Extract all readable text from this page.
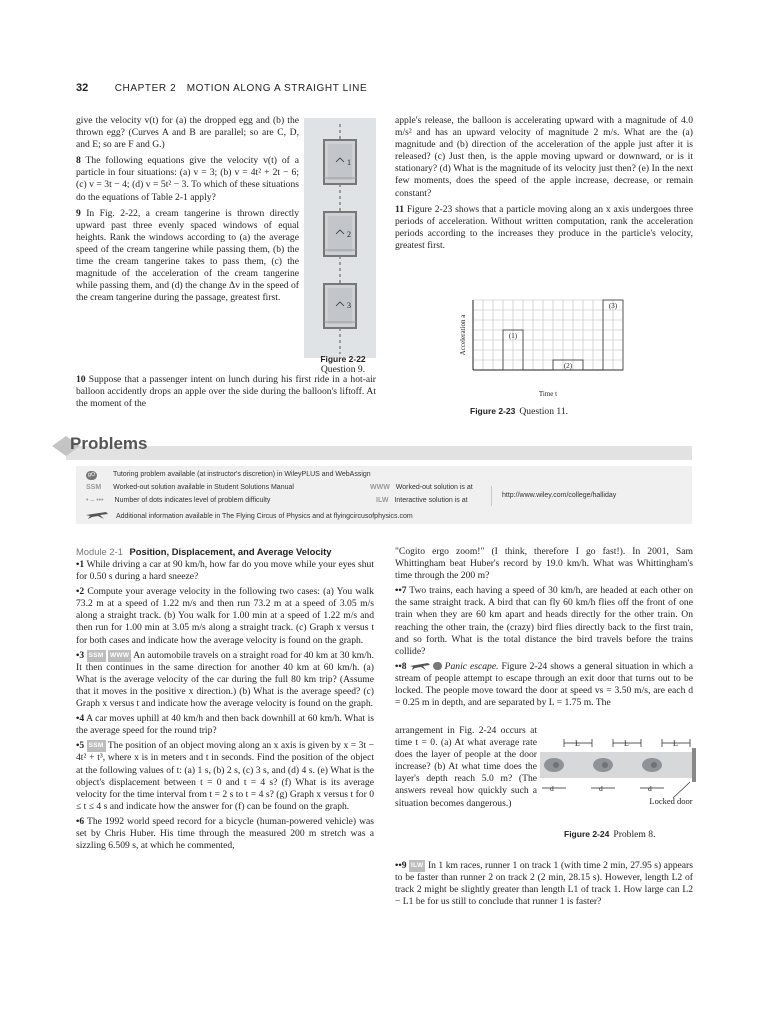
32	CHAPTER 2 MOTION ALONG A STRAIGHT LINE

give the velocity v(t) for (a) the dropped egg and (b) the thrown egg? (Curves A and B are parallel; so are C, D, and E; so are F and G.)

8 The following equations give the velocity v(t) of a particle in four situations: (a) v = 3; (b) v = 4t² + 2t − 6; (c) v = 3t − 4; (d) v = 5t² − 3. To which of these situations do the equations of Table 2-1 apply?

9 In Fig. 2-22, a cream tangerine is thrown directly upward past three evenly spaced windows of equal heights. Rank the windows according to (a) the average speed of the cream tangerine while passing them, (b) the time the cream tangerine takes to pass them, (c) the magnitude of the acceleration of the cream tangerine while passing them, and (d) the change Δv in the speed of the cream tangerine during the passage, greatest first.

10 Suppose that a passenger intent on lunch during his first ride in a hot-air balloon accidently drops an apple over the side during the balloon's liftoff. At the moment of the

1
2
3
Figure 2-22
Question 9.

apple's release, the balloon is accelerating upward with a magnitude of 4.0 m/s² and has an upward velocity of magnitude 2 m/s. What are the (a) magnitude and (b) direction of the acceleration of the apple just after it is released? (c) Just then, is the apple moving upward or downward, or is it stationary? (d) What is the magnitude of its velocity just then? (e) In the next few moments, does the speed of the apple increase, decrease, or remain constant?

11 Figure 2-23 shows that a particle moving along an x axis undergoes three periods of acceleration. Without written computation, rank the acceleration periods according to the increases they produce in the particle's velocity, greatest first.

(1)
(2)
(3)
Acceleration a
Time t
Figure 2-23 Question 11.
Problems
gO	Tutoring problem available (at instructor's discretion) in WileyPLUS and WebAssign
SSM Worked-out solution available in Student Solutions Manual
• – ••• Number of dots indicates level of problem difficulty
Additional information available in The Flying Circus of Physics and at flyingcircusofphysics.com
WWW Worked-out solution is at
ILW Interactive solution is at
http://www.wiley.com/college/halliday
Module 2-1 Position, Displacement, and Average Velocity

•1 While driving a car at 90 km/h, how far do you move while your eyes shut for 0.50 s during a hard sneeze?

•2 Compute your average velocity in the following two cases: (a) You walk 73.2 m at a speed of 1.22 m/s and then run 73.2 m at a speed of 3.05 m/s along a straight track. (b) You walk for 1.00 min at a speed of 1.22 m/s and then run for 1.00 min at 3.05 m/s along a straight track. (c) Graph x versus t for both cases and indicate how the average velocity is found on the graph.

•3 SSM WWW An automobile travels on a straight road for 40 km at 30 km/h. It then continues in the same direction for another 40 km at 60 km/h. (a) What is the average velocity of the car during the full 80 km trip? (Assume that it moves in the positive x direction.) (b) What is the average speed? (c) Graph x versus t and indicate how the average velocity is found on the graph.

•4 A car moves uphill at 40 km/h and then back downhill at 60 km/h. What is the average speed for the round trip?

•5 SSM The position of an object moving along an x axis is given by x = 3t − 4t² + t³, where x is in meters and t in seconds. Find the position of the object at the following values of t: (a) 1 s, (b) 2 s, (c) 3 s, and (d) 4 s. (e) What is the object's displacement between t = 0 and t = 4 s? (f) What is its average velocity for the time interval from t = 2 s to t = 4 s? (g) Graph x versus t for 0 ≤ t ≤ 4 s and indicate how the answer for (f) can be found on the graph.

•6 The 1992 world speed record for a bicycle (human-powered vehicle) was set by Chris Huber. His time through the measured 200 m stretch was a sizzling 6.509 s, at which he commented,

"Cogito ergo zoom!" (I think, therefore I go fast!). In 2001, Sam Whittingham beat Huber's record by 19.0 km/h. What was Whittingham's time through the 200 m?

••7 Two trains, each having a speed of 30 km/h, are headed at each other on the same straight track. A bird that can fly 60 km/h flies off the front of one train when they are 60 km apart and heads directly for the other train. On reaching the other train, the (crazy) bird flies directly back to the first train, and so forth. What is the total distance the bird travels before the trains collide?

••8	Panic escape. Figure 2-24 shows a general situation in which a stream of people attempt to escape through an exit door that turns out to be locked. The people move toward the door at speed vs = 3.50 m/s, are each d = 0.25 m in depth, and are separated by L = 1.75 m. The

arrangement in Fig. 2-24 occurs at time t = 0. (a) At what average rate does the layer of people at the door increase? (b) At what time does the layer's depth reach 5.0 m? (The answers reveal how quickly such a situation becomes dangerous.)

L	L	L
d	d	d
Locked door
Figure 2-24 Problem 8.

••9 ILW In 1 km races, runner 1 on track 1 (with time 2 min, 27.95 s) appears to be faster than runner 2 on track 2 (2 min, 28.15 s). However, length L2 of track 2 might be slightly greater than length L1 of track 1. How large can L2 − L1 be for us still to conclude that runner 1 is faster?
